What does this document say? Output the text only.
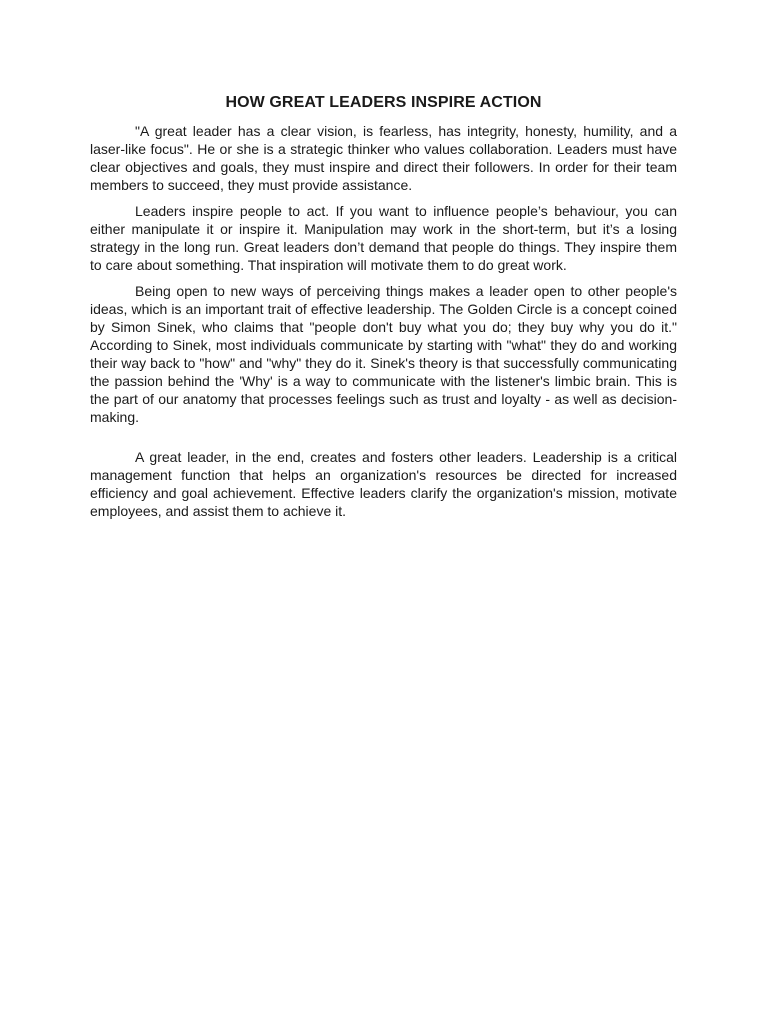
HOW GREAT LEADERS INSPIRE ACTION

"A great leader has a clear vision, is fearless, has integrity, honesty, humility, and a laser-like focus". He or she is a strategic thinker who values collaboration. Leaders must have clear objectives and goals, they must inspire and direct their followers. In order for their team members to succeed, they must provide assistance.

Leaders inspire people to act. If you want to influence people’s behaviour, you can either manipulate it or inspire it. Manipulation may work in the short-term, but it’s a losing strategy in the long run. Great leaders don’t demand that people do things. They inspire them to care about something. That inspiration will motivate them to do great work.

Being open to new ways of perceiving things makes a leader open to other people's ideas, which is an important trait of effective leadership. The Golden Circle is a concept coined by Simon Sinek, who claims that "people don't buy what you do; they buy why you do it." According to Sinek, most individuals communicate by starting with "what" they do and working their way back to "how" and "why" they do it. Sinek's theory is that successfully communicating the passion behind the 'Why' is a way to communicate with the listener's limbic brain. This is the part of our anatomy that processes feelings such as trust and loyalty - as well as decision-making.

A great leader, in the end, creates and fosters other leaders. Leadership is a critical management function that helps an organization's resources be directed for increased efficiency and goal achievement. Effective leaders clarify the organization's mission, motivate employees, and assist them to achieve it.
